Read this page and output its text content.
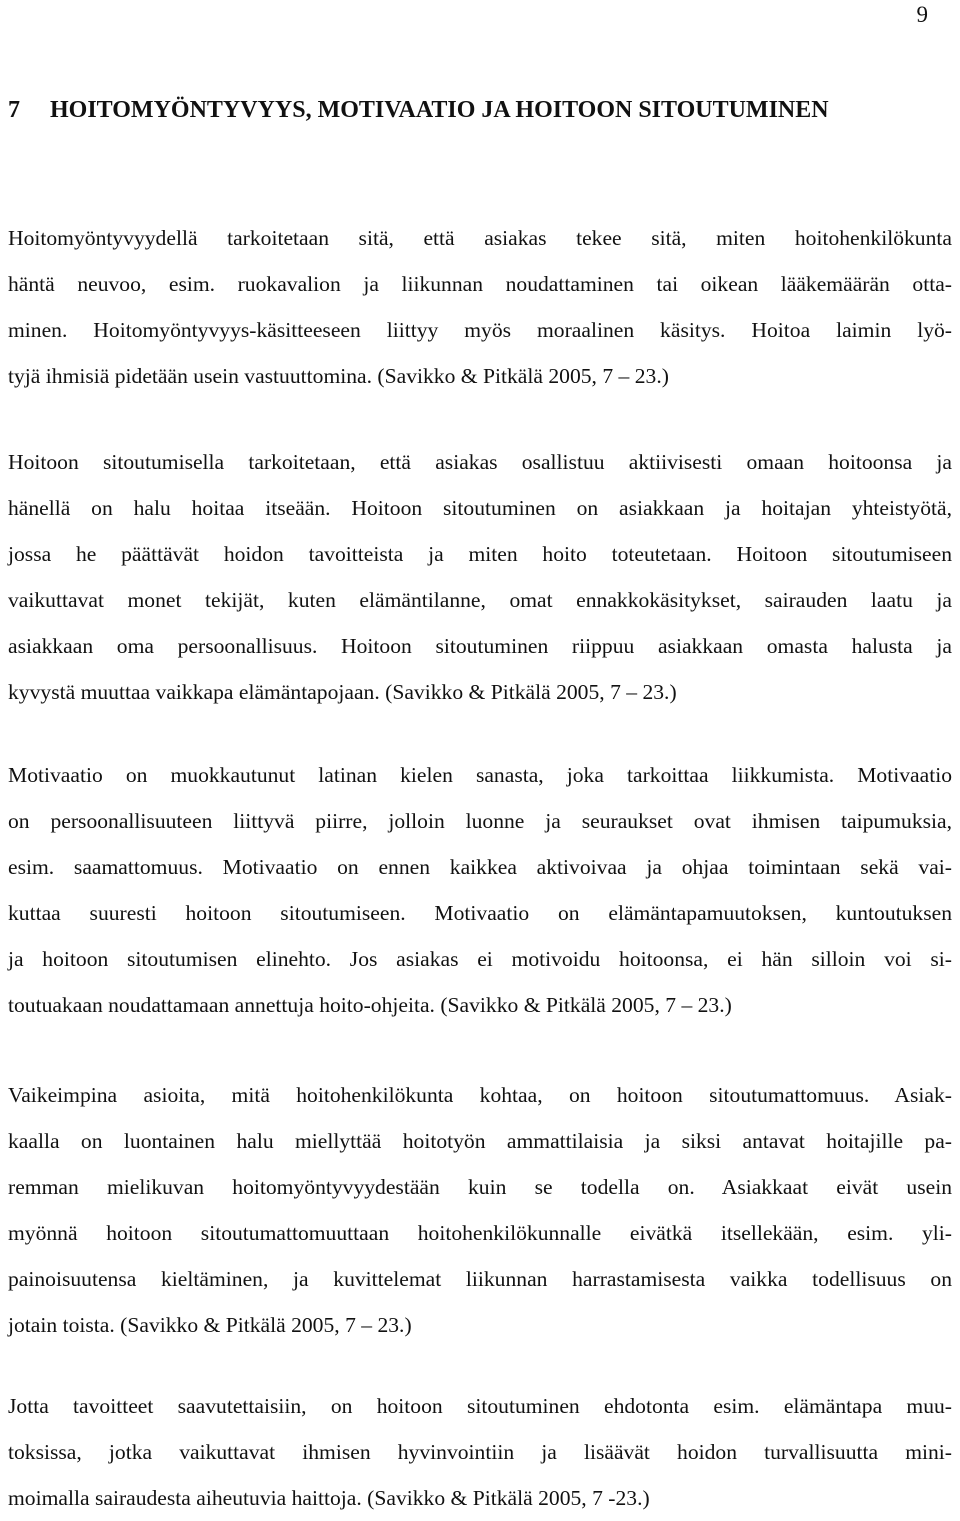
9
7 HOITOMYÖNTYVYYS, MOTIVAATIO JA HOITOON SITOUTUMINEN
Hoitomyöntyvyydellä tarkoitetaan sitä, että asiakas tekee sitä, miten hoitohenkilökunta
häntä neuvoo, esim. ruokavalion ja liikunnan noudattaminen tai oikean lääkemäärän otta-
minen. Hoitomyöntyvyys-käsitteeseen liittyy myös moraalinen käsitys. Hoitoa laimin lyö-
tyjä ihmisiä pidetään usein vastuuttomina. (Savikko & Pitkälä 2005, 7 – 23.)
Hoitoon sitoutumisella tarkoitetaan, että asiakas osallistuu aktiivisesti omaan hoitoonsa ja
hänellä on halu hoitaa itseään. Hoitoon sitoutuminen on asiakkaan ja hoitajan yhteistyötä,
jossa he päättävät hoidon tavoitteista ja miten hoito toteutetaan. Hoitoon sitoutumiseen
vaikuttavat monet tekijät, kuten elämäntilanne, omat ennakkokäsitykset, sairauden laatu ja
asiakkaan oma persoonallisuus. Hoitoon sitoutuminen riippuu asiakkaan omasta halusta ja
kyvystä muuttaa vaikkapa elämäntapojaan. (Savikko & Pitkälä 2005, 7 – 23.)
Motivaatio on muokkautunut latinan kielen sanasta, joka tarkoittaa liikkumista. Motivaatio
on persoonallisuuteen liittyvä piirre, jolloin luonne ja seuraukset ovat ihmisen taipumuksia,
esim. saamattomuus. Motivaatio on ennen kaikkea aktivoivaa ja ohjaa toimintaan sekä vai-
kuttaa suuresti hoitoon sitoutumiseen. Motivaatio on elämäntapamuutoksen, kuntoutuksen
ja hoitoon sitoutumisen elinehto. Jos asiakas ei motivoidu hoitoonsa, ei hän silloin voi si-
toutuakaan noudattamaan annettuja hoito-ohjeita. (Savikko & Pitkälä 2005, 7 – 23.)
Vaikeimpina asioita, mitä hoitohenkilökunta kohtaa, on hoitoon sitoutumattomuus. Asiak-
kaalla on luontainen halu miellyttää hoitotyön ammattilaisia ja siksi antavat hoitajille pa-
remman mielikuvan hoitomyöntyvyydestään kuin se todella on. Asiakkaat eivät usein
myönnä hoitoon sitoutumattomuuttaan hoitohenkilökunnalle eivätkä itsellekään, esim. yli-
painoisuutensa kieltäminen, ja kuvittelemat liikunnan harrastamisesta vaikka todellisuus on
jotain toista. (Savikko & Pitkälä 2005, 7 – 23.)
Jotta tavoitteet saavutettaisiin, on hoitoon sitoutuminen ehdotonta esim. elämäntapa muu-
toksissa, jotka vaikuttavat ihmisen hyvinvointiin ja lisäävät hoidon turvallisuutta mini-
moimalla sairaudesta aiheutuvia haittoja. (Savikko & Pitkälä 2005, 7 -23.)
